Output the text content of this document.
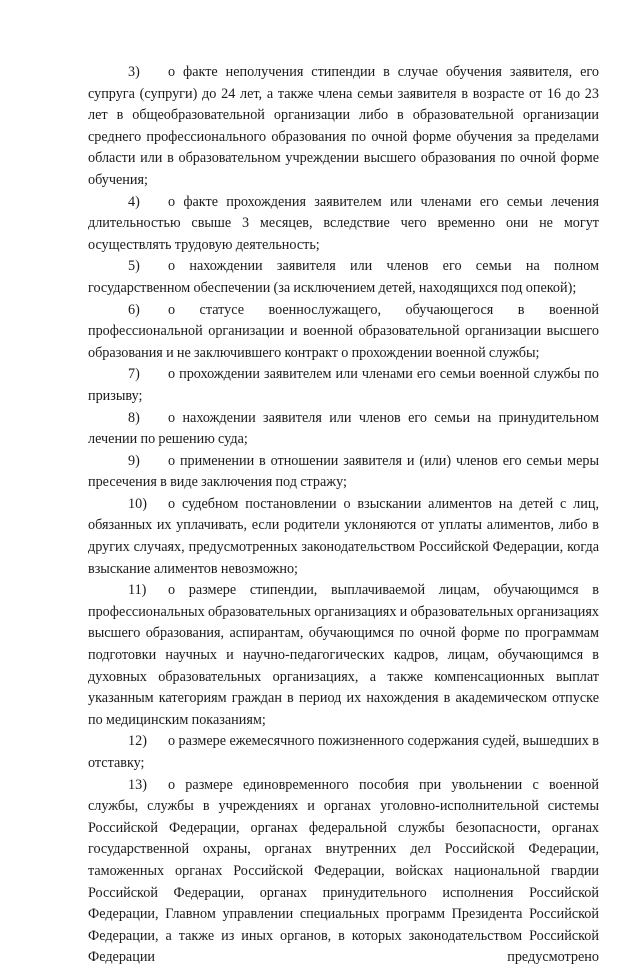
3) о факте неполучения стипендии в случае обучения заявителя, его супруга (супруги) до 24 лет, а также члена семьи заявителя в возрасте от 16 до 23 лет в общеобразовательной организации либо в образовательной организации среднего профессионального образования по очной форме обучения за пределами области или в образовательном учреждении высшего образования по очной форме обучения;

4) о факте прохождения заявителем или членами его семьи лечения длительностью свыше 3 месяцев, вследствие чего временно они не могут осуществлять трудовую деятельность;

5) о нахождении заявителя или членов его семьи на полном государственном обеспечении (за исключением детей, находящихся под опекой);

6) о статусе военнослужащего, обучающегося в военной профессиональной организации и военной образовательной организации высшего образования и не заключившего контракт о прохождении военной службы;

7) о прохождении заявителем или членами его семьи военной службы по призыву;

8) о нахождении заявителя или членов его семьи на принудительном лечении по решению суда;

9) о применении в отношении заявителя и (или) членов его семьи меры пресечения в виде заключения под стражу;

10) о судебном постановлении о взыскании алиментов на детей с лиц, обязанных их уплачивать, если родители уклоняются от уплаты алиментов, либо в других случаях, предусмотренных законодательством Российской Федерации, когда взыскание алиментов невозможно;

11) о размере стипендии, выплачиваемой лицам, обучающимся в профессиональных образовательных организациях и образовательных организациях высшего образования, аспирантам, обучающимся по очной форме по программам подготовки научных и научно-педагогических кадров, лицам, обучающимся в духовных образовательных организациях, а также компенсационных выплат указанным категориям граждан в период их нахождения в академическом отпуске по медицинским показаниям;

12) о размере ежемесячного пожизненного содержания судей, вышедших в отставку;

13) о размере единовременного пособия при увольнении с военной службы, службы в учреждениях и органах уголовно-исполнительной системы Российской Федерации, органах федеральной службы безопасности, органах государственной охраны, органах внутренних дел Российской Федерации, таможенных органах Российской Федерации, войсках национальной гвардии Российской Федерации, органах принудительного исполнения Российской Федерации, Главном управлении специальных программ Президента Российской Федерации, а также из иных органов, в которых законодательством Российской Федерации предусмотрено
